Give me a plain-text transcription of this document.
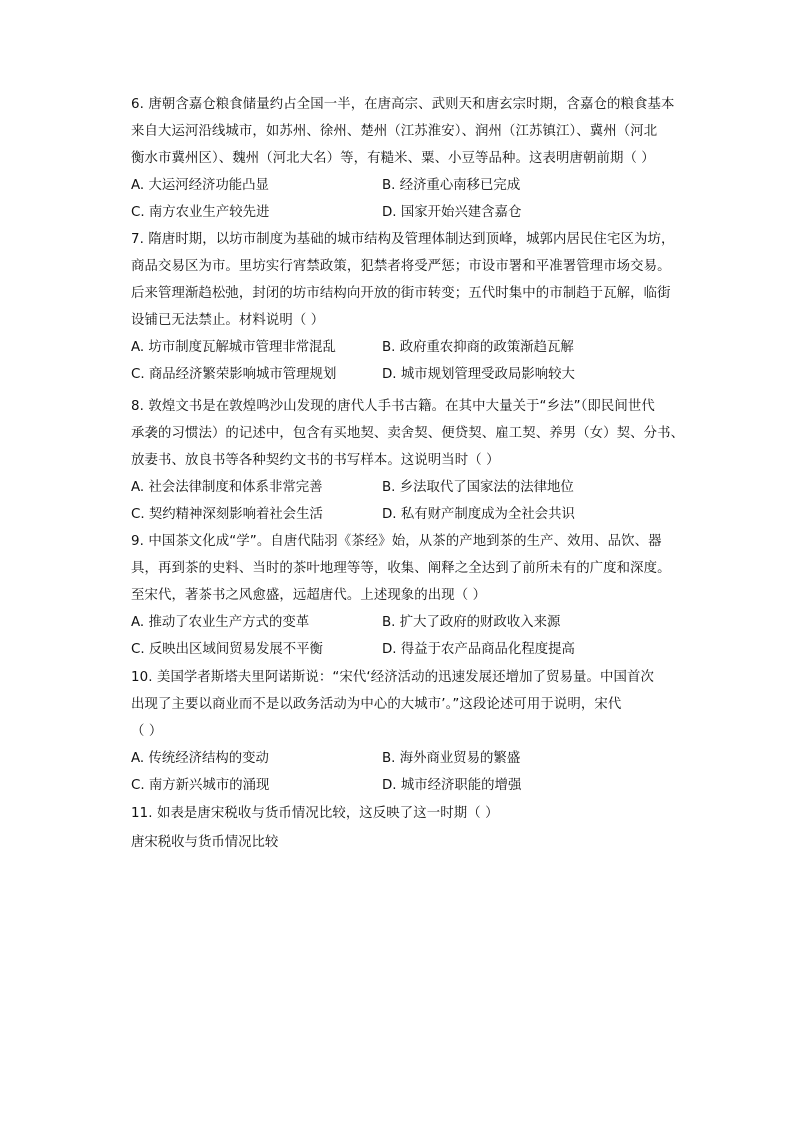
6. 唐朝含嘉仓粮食储量约占全国一半，在唐高宗、武则天和唐玄宗时期，含嘉仓的粮食基本
来自大运河沿线城市，如苏州、徐州、楚州（江苏淮安）、润州（江苏镇江）、冀州（河北
衡水市冀州区）、魏州（河北大名）等，有糙米、粟、小豆等品种。这表明唐朝前期（ ）
A. 大运河经济功能凸显	B. 经济重心南移已完成
C. 南方农业生产较先进	D. 国家开始兴建含嘉仓
7. 隋唐时期，以坊市制度为基础的城市结构及管理体制达到顶峰，城郭内居民住宅区为坊，
商品交易区为市。里坊实行宵禁政策，犯禁者将受严惩；市设市署和平准署管理市场交易。
后来管理渐趋松弛，封闭的坊市结构向开放的街市转变；五代时集中的市制趋于瓦解，临街
设铺已无法禁止。材料说明（ ）
A. 坊市制度瓦解城市管理非常混乱	B. 政府重农抑商的政策渐趋瓦解
C. 商品经济繁荣影响城市管理规划	D. 城市规划管理受政局影响较大
8. 敦煌文书是在敦煌鸣沙山发现的唐代人手书古籍。在其中大量关于“乡法”（即民间世代
承袭的习惯法）的记述中，包含有买地契、卖舍契、便贷契、雇工契、养男（女）契、分书、
放妻书、放良书等各种契约文书的书写样本。这说明当时（ ）
A. 社会法律制度和体系非常完善	B. 乡法取代了国家法的法律地位
C. 契约精神深刻影响着社会生活	D. 私有财产制度成为全社会共识
9. 中国茶文化成“学”。自唐代陆羽《茶经》始，从茶的产地到茶的生产、效用、品饮、器
具，再到茶的史料、当时的茶叶地理等等，收集、阐释之全达到了前所未有的广度和深度。
至宋代，著茶书之风愈盛，远超唐代。上述现象的出现（ ）
A. 推动了农业生产方式的变革	B. 扩大了政府的财政收入来源
C. 反映出区域间贸易发展不平衡	D. 得益于农产品商品化程度提高
10. 美国学者斯塔夫里阿诺斯说：“宋代‘经济活动的迅速发展还增加了贸易量。中国首次
出现了主要以商业而不是以政务活动为中心的大城市’。”这段论述可用于说明，宋代
（ ）
A. 传统经济结构的变动	B. 海外商业贸易的繁盛
C. 南方新兴城市的涌现	D. 城市经济职能的增强
11. 如表是唐宋税收与货币情况比较，这反映了这一时期（ ）
唐宋税收与货币情况比较
